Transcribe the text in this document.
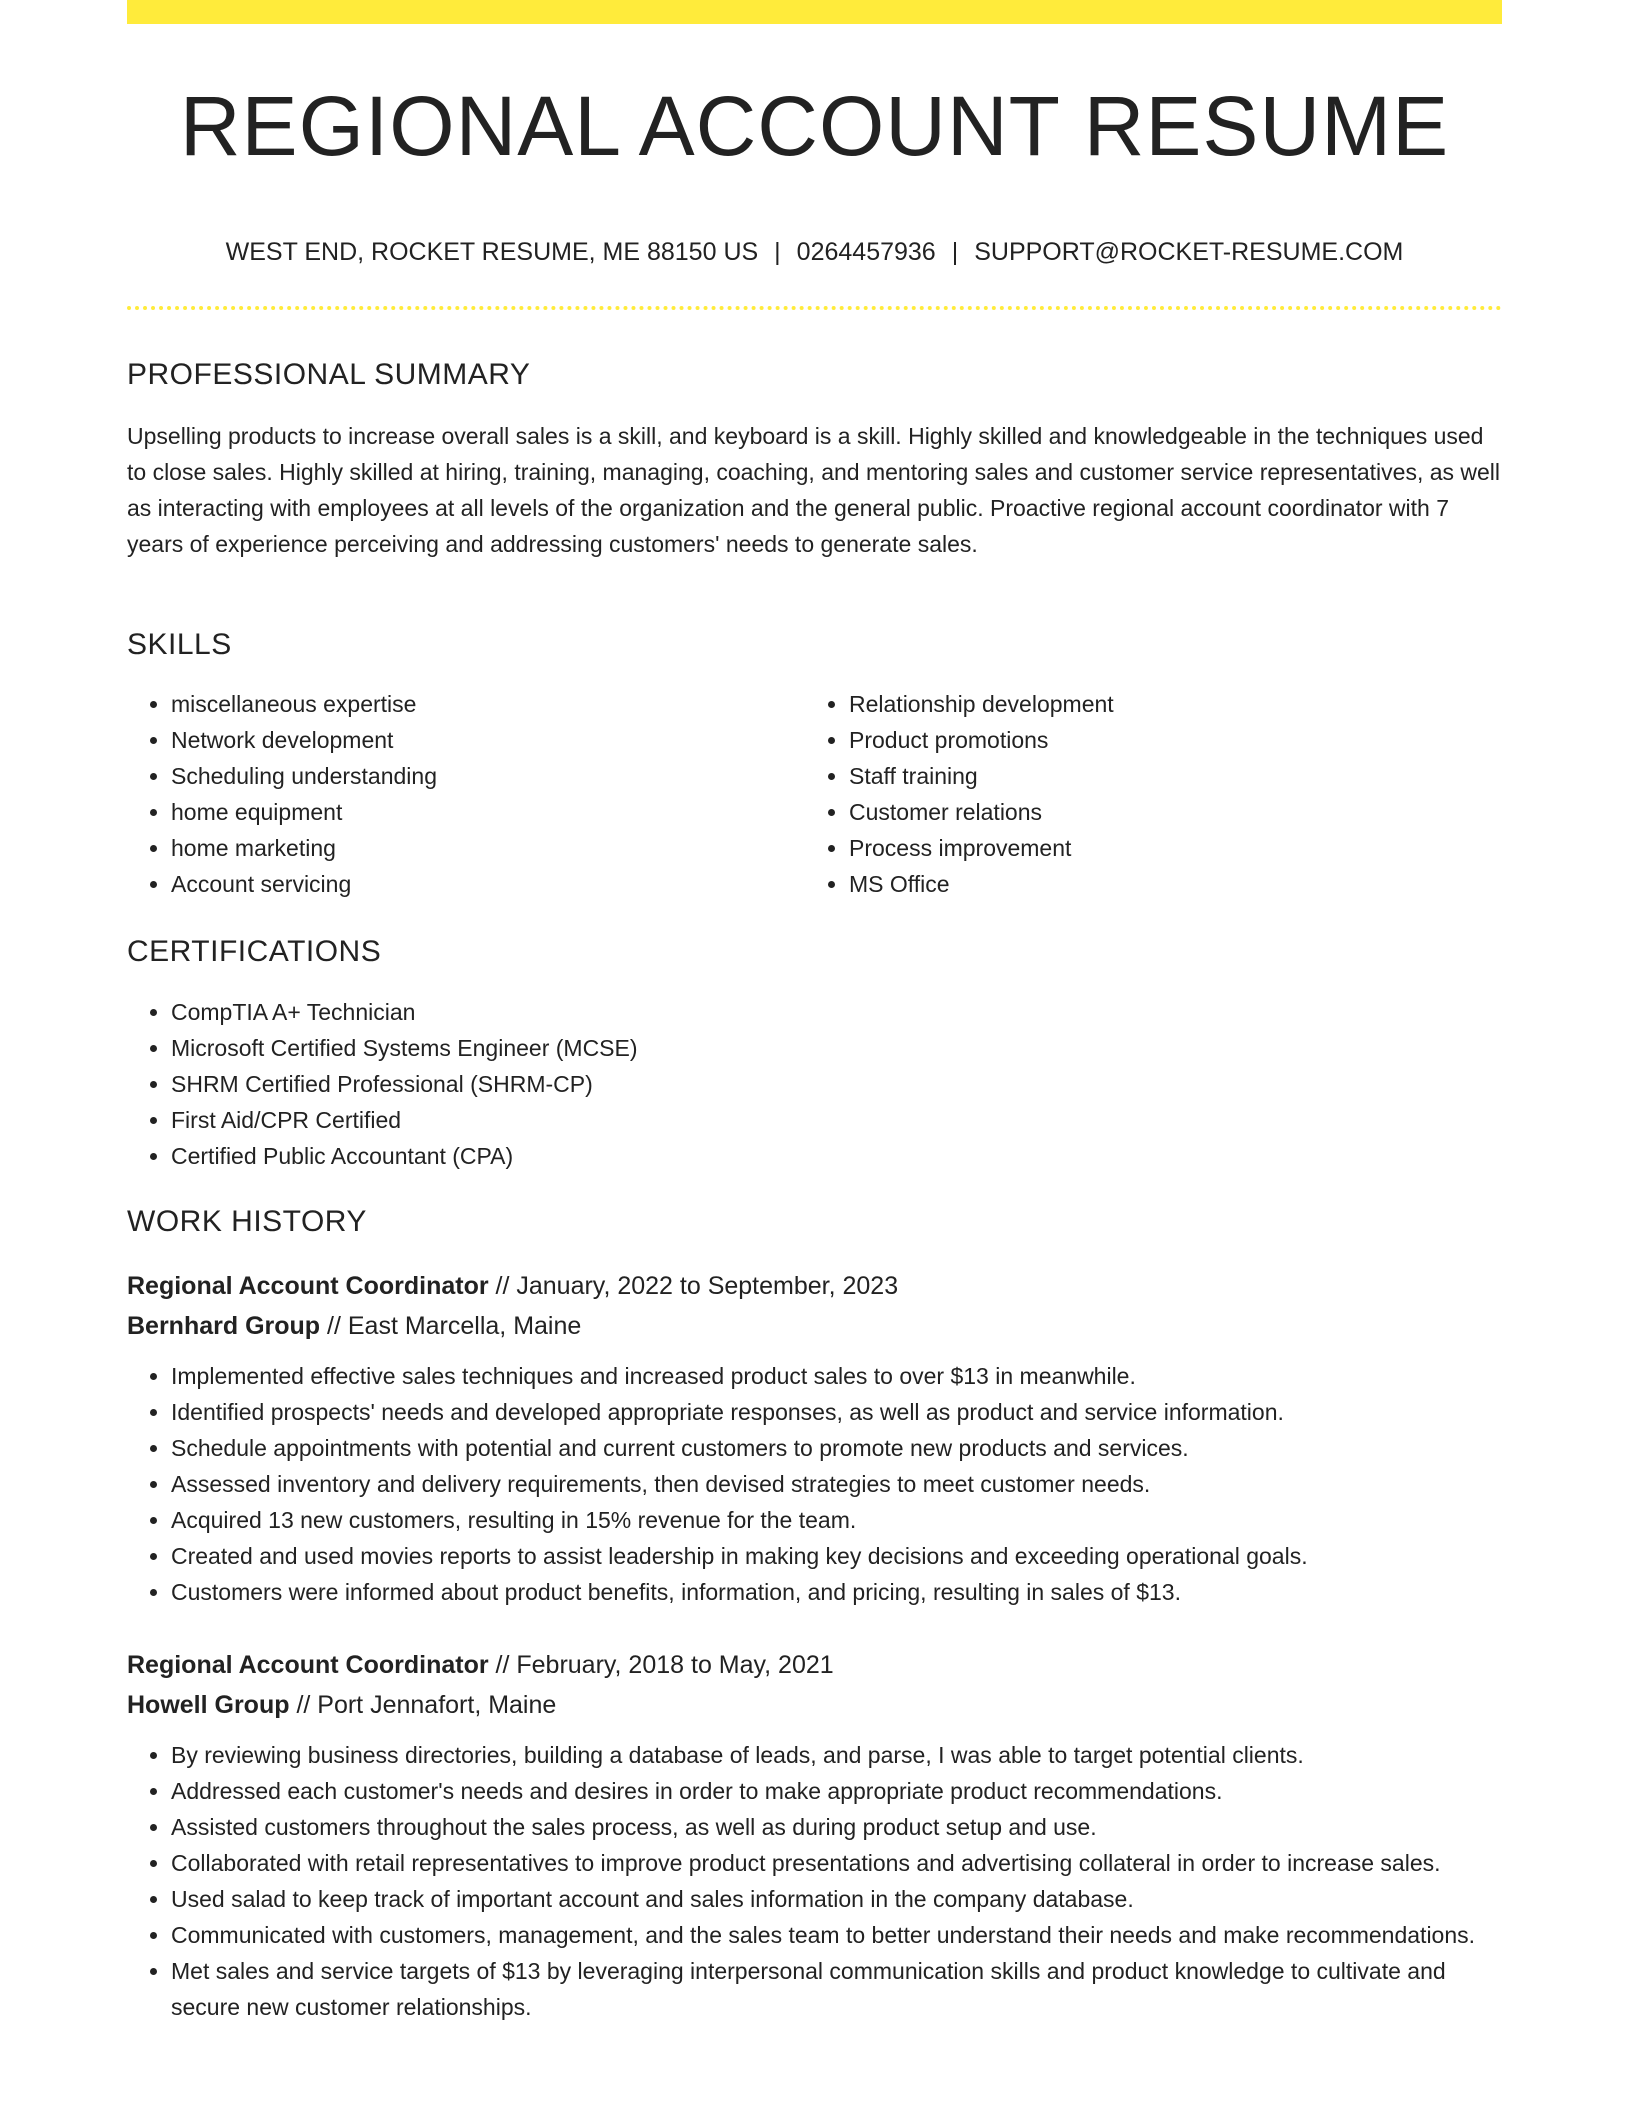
REGIONAL ACCOUNT RESUME
WEST END, ROCKET RESUME, ME 88150 US | 0264457936 | SUPPORT@ROCKET-RESUME.COM
PROFESSIONAL SUMMARY

Upselling products to increase overall sales is a skill, and keyboard is a skill. Highly skilled and knowledgeable in the techniques used to close sales. Highly skilled at hiring, training, managing, coaching, and mentoring sales and customer service representatives, as well as interacting with employees at all levels of the organization and the general public. Proactive regional account coordinator with 7 years of experience perceiving and addressing customers' needs to generate sales.

SKILLS
• miscellaneous expertise
• Network development
• Scheduling understanding
• home equipment
• home marketing
• Account servicing
• Relationship development
• Product promotions
• Staff training
• Customer relations
• Process improvement
• MS Office
CERTIFICATIONS
• CompTIA A+ Technician
• Microsoft Certified Systems Engineer (MCSE)
• SHRM Certified Professional (SHRM-CP)
• First Aid/CPR Certified
• Certified Public Accountant (CPA)
WORK HISTORY
Regional Account Coordinator // January, 2022 to September, 2023
Bernhard Group // East Marcella, Maine
• Implemented effective sales techniques and increased product sales to over $13 in meanwhile.
• Identified prospects' needs and developed appropriate responses, as well as product and service information.
• Schedule appointments with potential and current customers to promote new products and services.
• Assessed inventory and delivery requirements, then devised strategies to meet customer needs.
• Acquired 13 new customers, resulting in 15% revenue for the team.
• Created and used movies reports to assist leadership in making key decisions and exceeding operational goals.
• Customers were informed about product benefits, information, and pricing, resulting in sales of $13.
Regional Account Coordinator // February, 2018 to May, 2021
Howell Group // Port Jennafort, Maine
• By reviewing business directories, building a database of leads, and parse, I was able to target potential clients.
• Addressed each customer's needs and desires in order to make appropriate product recommendations.
• Assisted customers throughout the sales process, as well as during product setup and use.
• Collaborated with retail representatives to improve product presentations and advertising collateral in order to increase sales.
• Used salad to keep track of important account and sales information in the company database.
• Communicated with customers, management, and the sales team to better understand their needs and make recommendations.
• Met sales and service targets of $13 by leveraging interpersonal communication skills and product knowledge to cultivate and secure new customer relationships.
